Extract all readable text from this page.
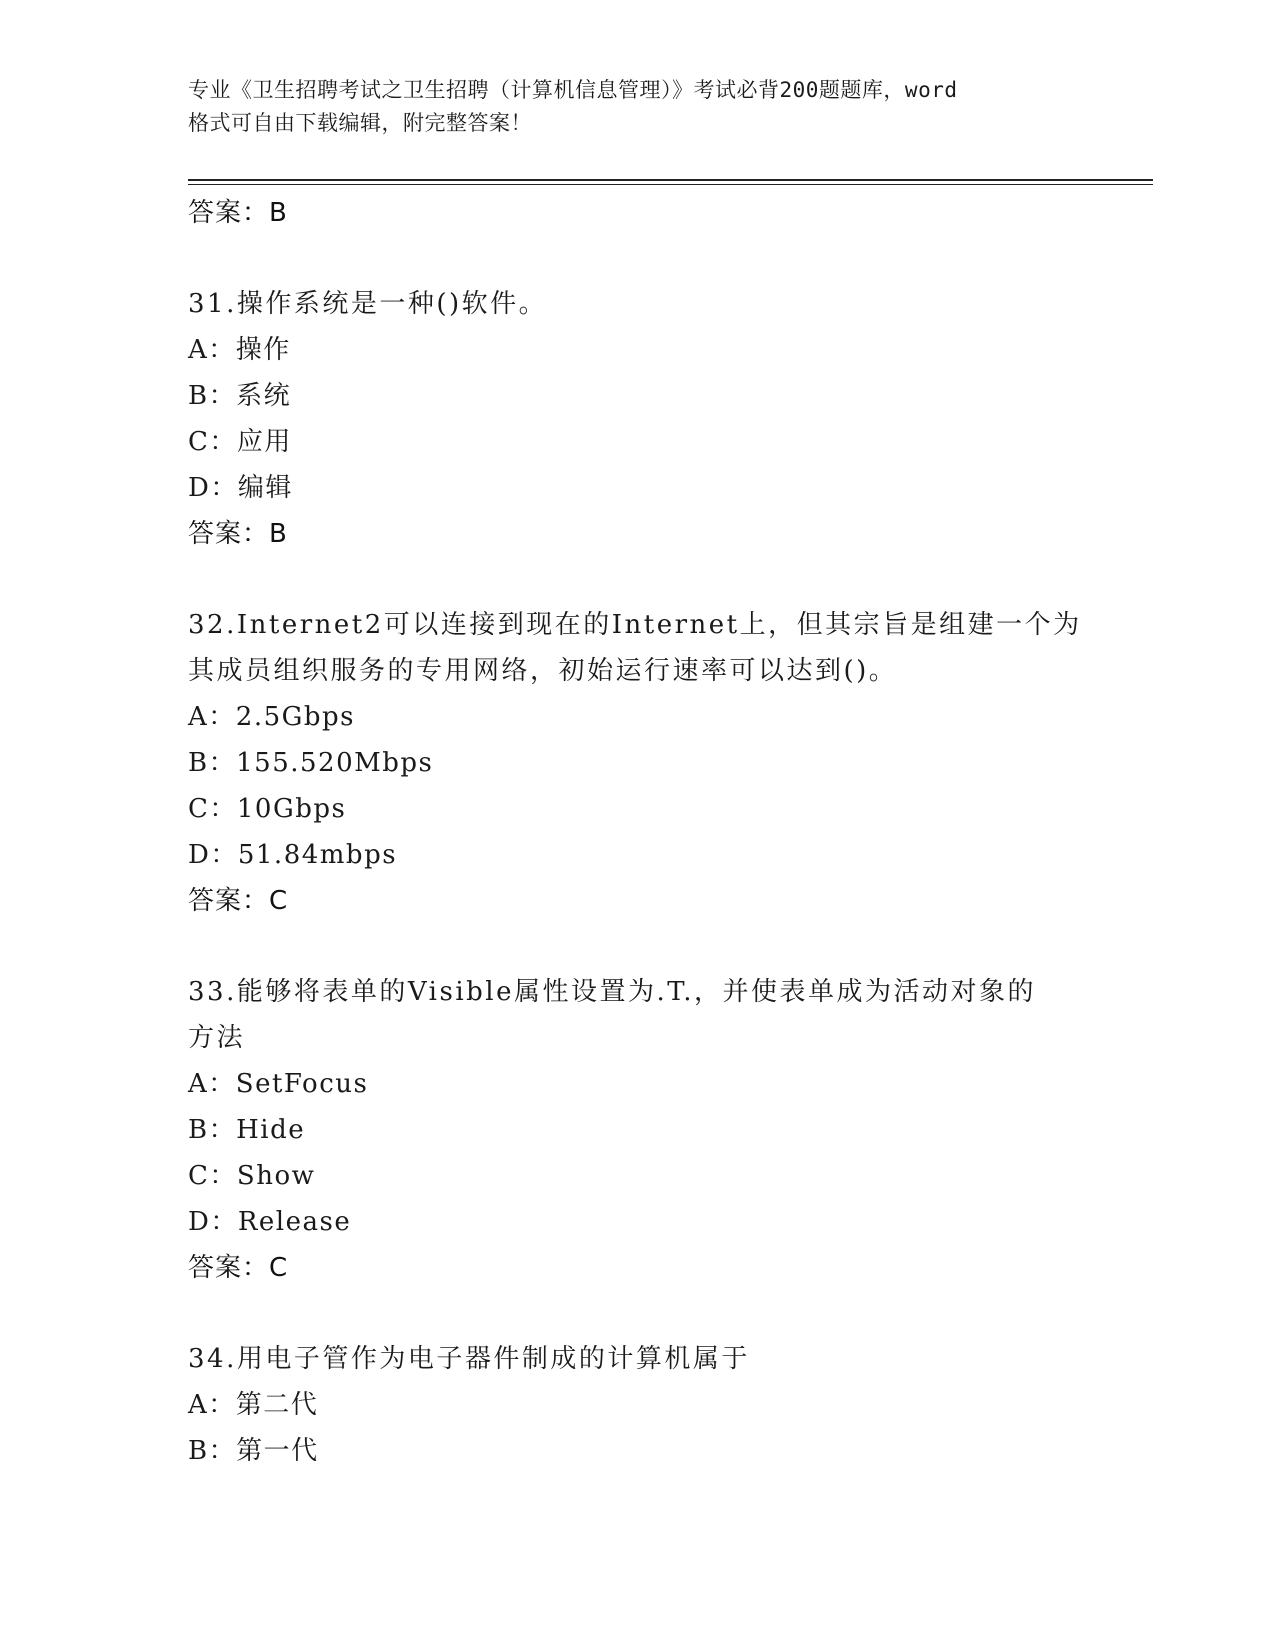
专业《卫生招聘考试之卫生招聘（计算机信息管理）》考试必背200题题库，word
格式可自由下载编辑，附完整答案！
答案：B
31.操作系统是一种()软件。
A：操作
B：系统
C：应用
D：编辑
答案：B
32.Internet2可以连接到现在的Internet上，但其宗旨是组建一个为
其成员组织服务的专用网络，初始运行速率可以达到()。
A：2.5Gbps
B：155.520Mbps
C：10Gbps
D：51.84mbps
答案：C
33.能够将表单的Visible属性设置为.T.，并使表单成为活动对象的
方法
A：SetFocus
B：Hide
C：Show
D：Release
答案：C
34.用电子管作为电子器件制成的计算机属于
A：第二代
B：第一代
